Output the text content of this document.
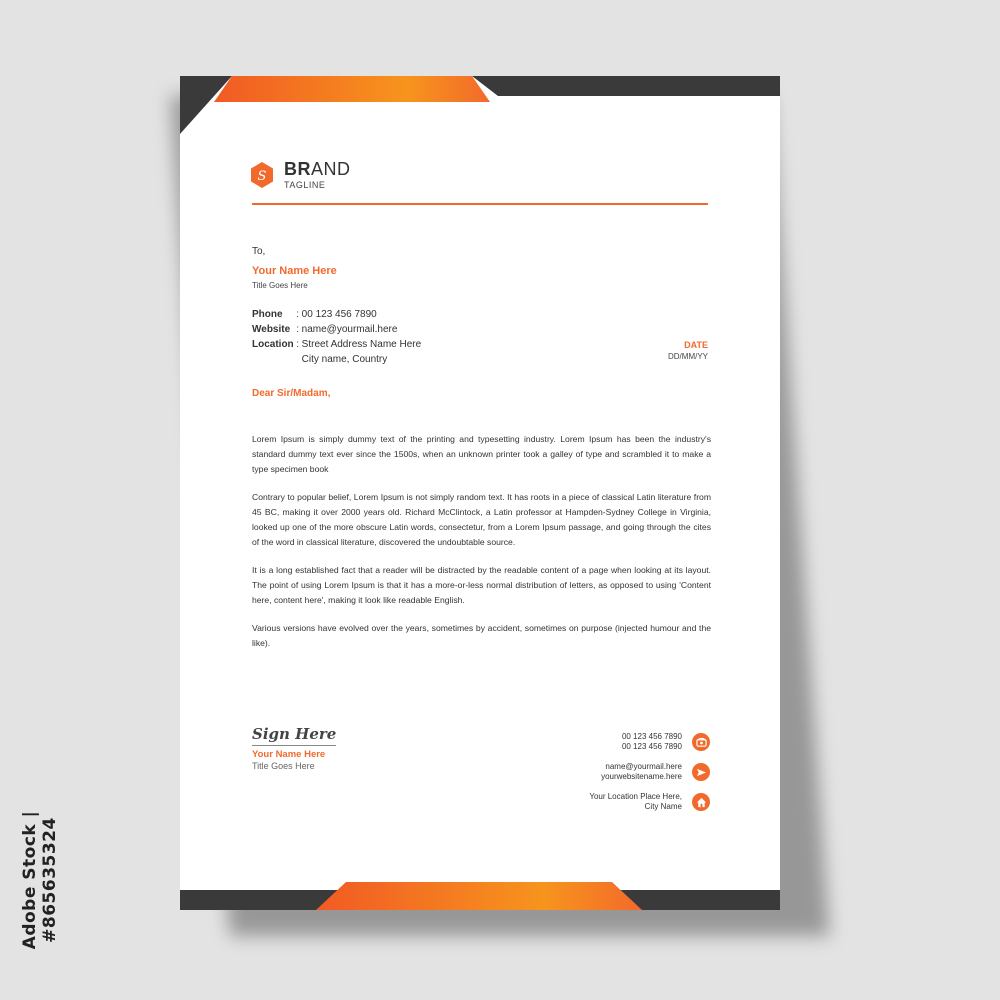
Adobe Stock | #865635324
S BRAND
TAGLINE
To,
Your Name Here
Title Goes Here
Phone	:	00 123 456 7890
Website	:	name@yourmail.here
Location	:	Street Address Name Here
City name, Country
DATE
DD/MM/YY
Dear Sir/Madam,

Lorem Ipsum is simply dummy text of the printing and typesetting industry. Lorem Ipsum has been the industry's standard dummy text ever since the 1500s, when an unknown printer took a galley of type and scrambled it to make a type specimen book

Contrary to popular belief, Lorem Ipsum is not simply random text. It has roots in a piece of classical Latin literature from 45 BC, making it over 2000 years old. Richard McClintock, a Latin professor at Hampden-Sydney College in Virginia, looked up one of the more obscure Latin words, consectetur, from a Lorem Ipsum passage, and going through the cites of the word in classical literature, discovered the undoubtable source.

It is a long established fact that a reader will be distracted by the readable content of a page when looking at its layout. The point of using Lorem Ipsum is that it has a more-or-less normal distribution of letters, as opposed to using 'Content here, content here', making it look like readable English.

Various versions have evolved over the years, sometimes by accident, sometimes on purpose (injected humour and the like).

Sign Here
Your Name Here
Title Goes Here
00 123 456 7890
00 123 456 7890
name@yourmail.here
yourwebsitename.here
Your Location Place Here,
City Name
